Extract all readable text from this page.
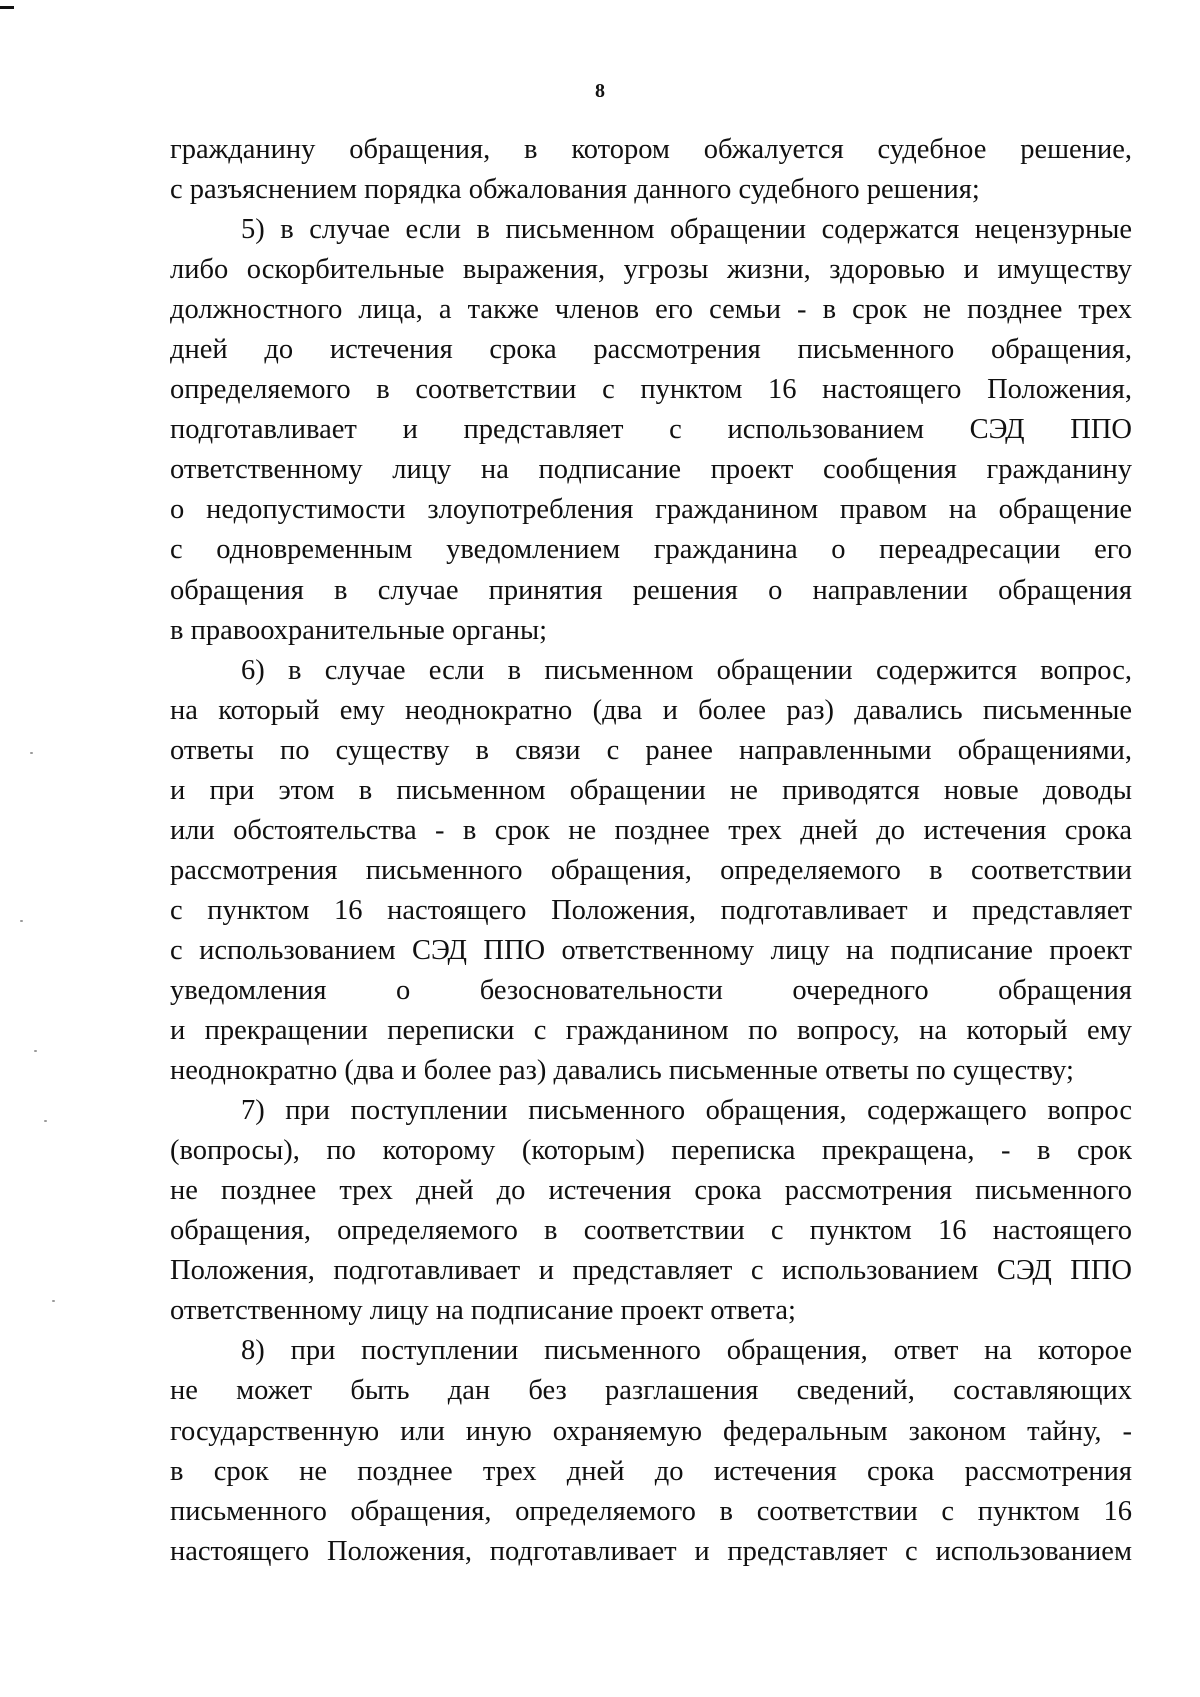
8
гражданину обращения, в котором обжалуется судебное решение,
с разъяснением порядка обжалования данного судебного решения;
5) в случае если в письменном обращении содержатся нецензурные
либо оскорбительные выражения, угрозы жизни, здоровью и имуществу
должностного лица, а также членов его семьи - в срок не позднее трех
дней до истечения срока рассмотрения письменного обращения,
определяемого в соответствии с пунктом 16 настоящего Положения,
подготавливает и представляет с использованием СЭД ППО
ответственному лицу на подписание проект сообщения гражданину
о недопустимости злоупотребления гражданином правом на обращение
с одновременным уведомлением гражданина о переадресации его
обращения в случае принятия решения о направлении обращения
в правоохранительные органы;
6) в случае если в письменном обращении содержится вопрос,
на который ему неоднократно (два и более раз) давались письменные
ответы по существу в связи с ранее направленными обращениями,
и при этом в письменном обращении не приводятся новые доводы
или обстоятельства - в срок не позднее трех дней до истечения срока
рассмотрения письменного обращения, определяемого в соответствии
с пунктом 16 настоящего Положения, подготавливает и представляет
с использованием СЭД ППО ответственному лицу на подписание проект
уведомления о безосновательности очередного обращения
и прекращении переписки с гражданином по вопросу, на который ему
неоднократно (два и более раз) давались письменные ответы по существу;
7) при поступлении письменного обращения, содержащего вопрос
(вопросы), по которому (которым) переписка прекращена, - в срок
не позднее трех дней до истечения срока рассмотрения письменного
обращения, определяемого в соответствии с пунктом 16 настоящего
Положения, подготавливает и представляет с использованием СЭД ППО
ответственному лицу на подписание проект ответа;
8) при поступлении письменного обращения, ответ на которое
не может быть дан без разглашения сведений, составляющих
государственную или иную охраняемую федеральным законом тайну, -
в срок не позднее трех дней до истечения срока рассмотрения
письменного обращения, определяемого в соответствии с пунктом 16
настоящего Положения, подготавливает и представляет с использованием
